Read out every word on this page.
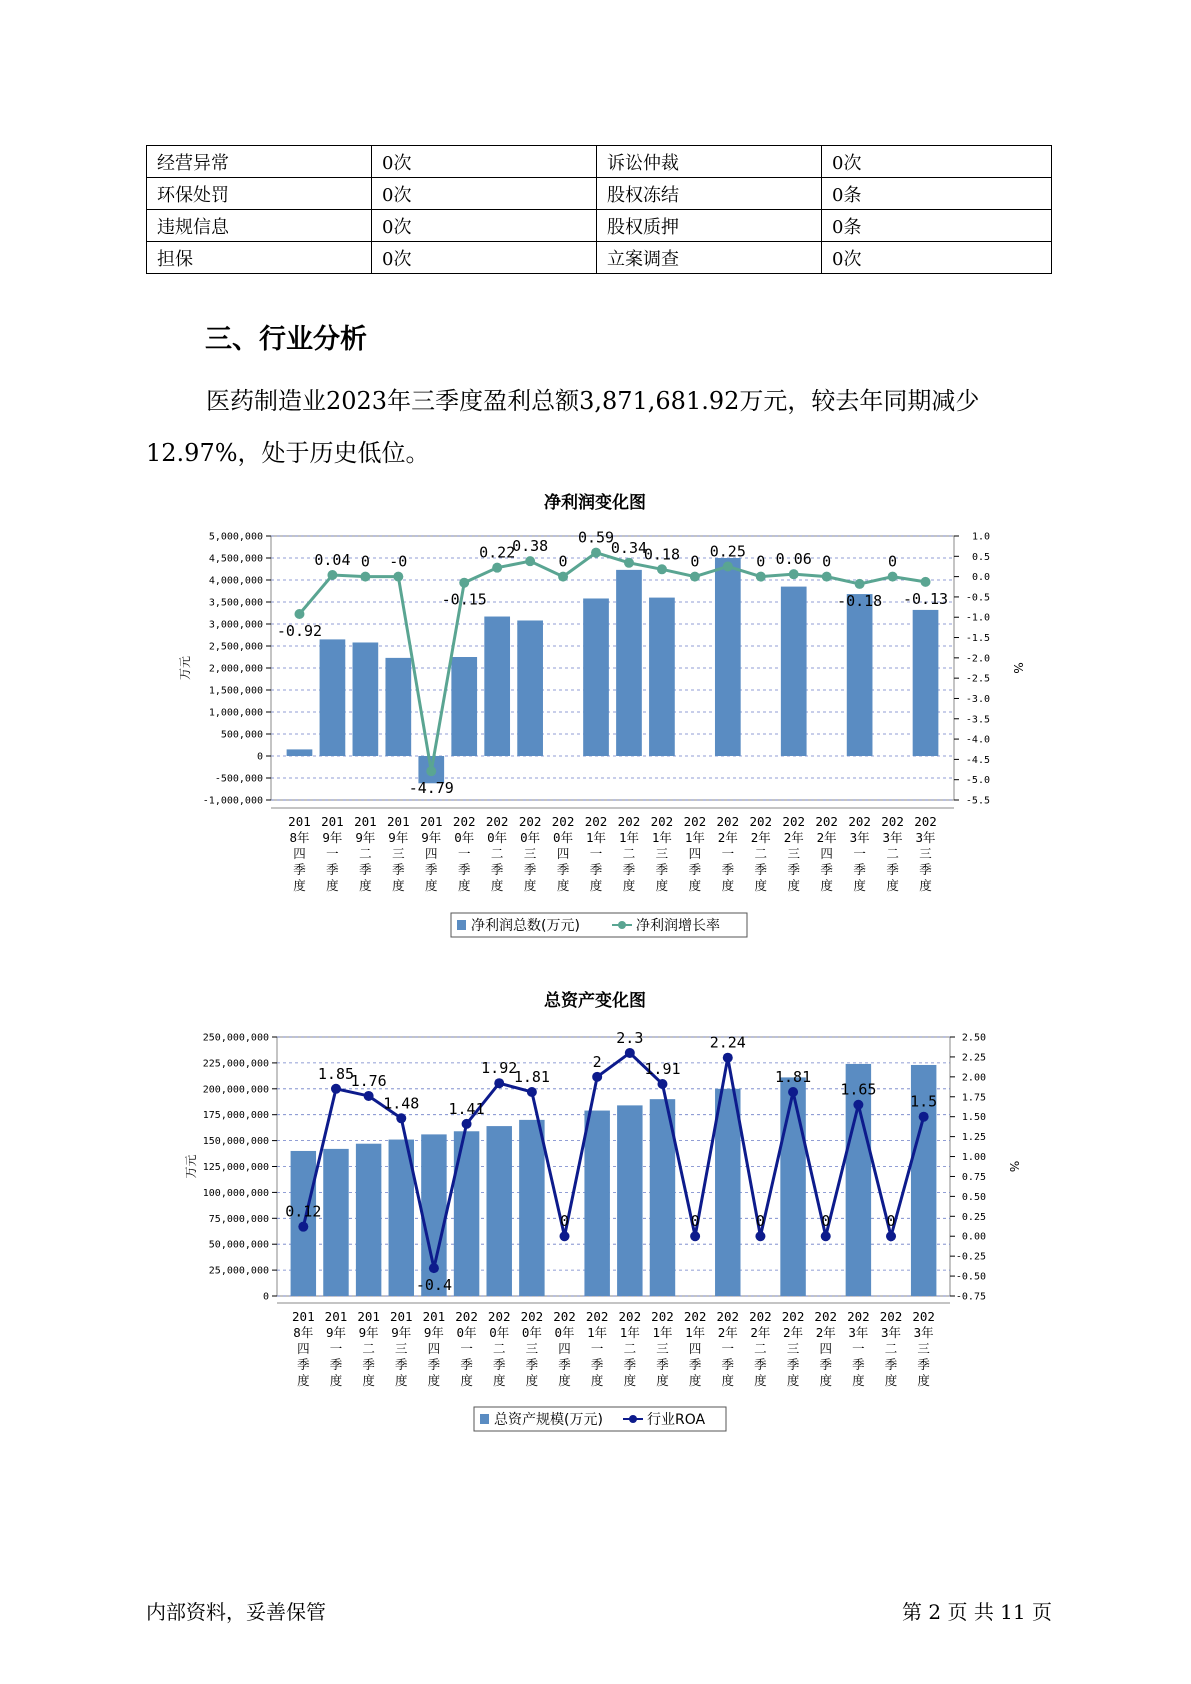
经营异常	0次	诉讼仲裁	0次
环保处罚	0次	股权冻结	0条
违规信息	0次	股权质押	0条
担保	0次	立案调查	0次
三、行业分析

医药制造业2023年三季度盈利总额3,871,681.92万元，较去年同期减少12.97%，处于历史低位。

净利润变化图
5,000,000
4,500,000
4,000,000
3,500,000
3,000,000
2,500,000
2,000,000
1,500,000
1,000,000
500,000
0
-500,000
-1,000,000
1.0
0.5
0.0
-0.5
-1.0
-1.5
-2.0
-2.5
-3.0
-3.5
-4.0
-4.5
-5.0
-5.5
万元	%
201
8年
四
季
度
201
9年
一
季
度
201
9年
二
季
度
201
9年
三
季
度
201
9年
四
季
度
202
0年
一
季
度
202
0年
二
季
度
202
0年
三
季
度
202
0年
四
季
度
202
1年
一
季
度
202
1年
二
季
度
202
1年
三
季
度
202
1年
四
季
度
202
2年
一
季
度
202
2年
二
季
度
202
2年
三
季
度
202
2年
四
季
度
202
3年
一
季
度
202
3年
二
季
度
202
3年
三
季
度
-0.92
0.04 0 -0
-4.79
-0.15
0.22
0.38
0
0.59
0.34
0.18 0
0.25
0 0.06 0
-0.18
0
-0.13
净利润总数(万元)	净利润增长率
总资产变化图
250,000,000
225,000,000
200,000,000
175,000,000
150,000,000
125,000,000
100,000,000
75,000,000
50,000,000
25,000,000
0
2.50
2.25
2.00
1.75
1.50
1.25
1.00
0.75
0.50
0.25
0.00
-0.25
-0.50
-0.75
万元	%
201
8年
四
季
度
201
9年
一
季
度
201
9年
二
季
度
201
9年
三
季
度
201
9年
四
季
度
202
0年
一
季
度
202
0年
二
季
度
202
0年
三
季
度
202
0年
四
季
度
202
1年
一
季
度
202
1年
二
季
度
202
1年
三
季
度
202
1年
四
季
度
202
2年
一
季
度
202
2年
二
季
度
202
2年
三
季
度
202
2年
四
季
度
202
3年
一
季
度
202
3年
二
季
度
202
3年
三
季
度
0.12
1.85
1.76
1.48
-0.4
1.41
1.92
1.81
0
2
2.3
1.91
0
2.24
0
1.81
0
1.65
0
1.5
总资产规模(万元)	行业ROA

内部资料，妥善保管	第 2 页 共 11 页
